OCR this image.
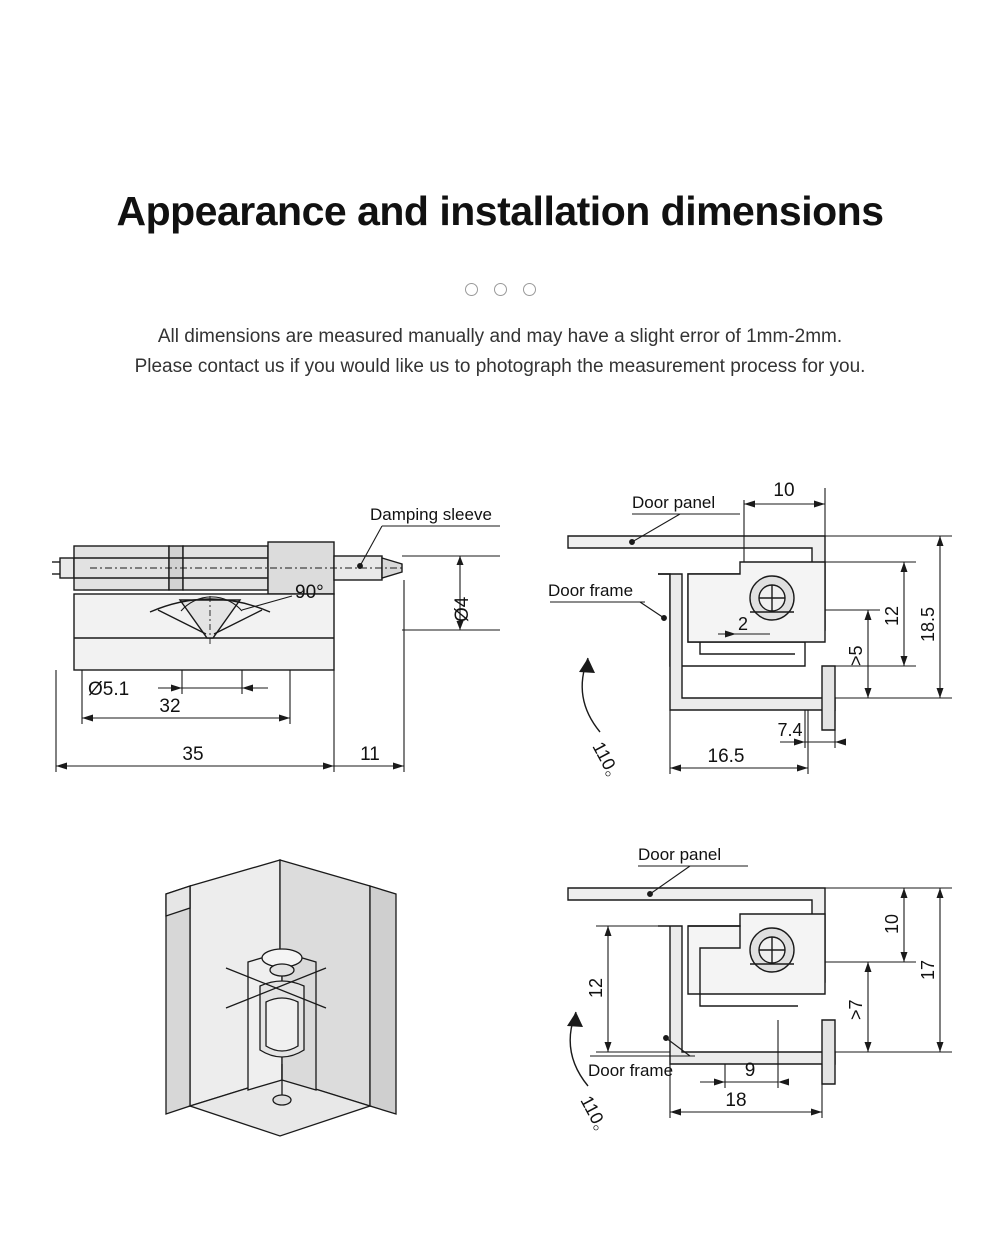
Appearance and installation dimensions
All dimensions are measured manually and may have a slight error of 1mm-2mm.
Please contact us if you would like us to photograph the measurement process for you.
90°
Damping sleeve
Ø4
Ø5.1
32
35	11
Door panel
Door frame
110。
10
2
>5
12 18.5
7.4
16.5
Door panel
Door frame
110。
12
>7
10
17
9
18
